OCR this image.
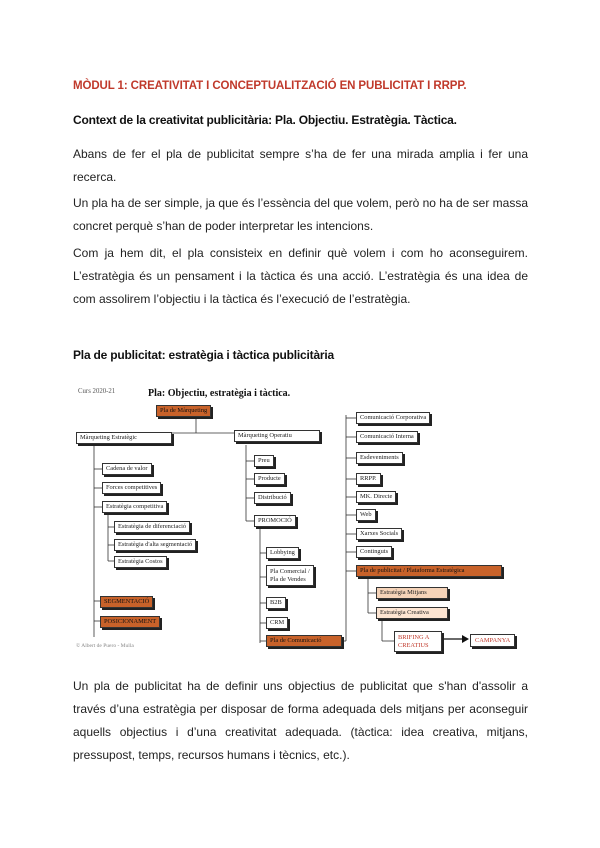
MÒDUL 1: CREATIVITAT I CONCEPTUALITZACIÓ EN PUBLICITAT I RRPP.
Context de la creativitat publicitària: Pla. Objectiu. Estratègia. Tàctica.
Abans de fer el pla de publicitat sempre s’ha de fer una mirada amplia i fer una recerca.
Un pla ha de ser simple, ja que és l’essència del que volem, però no ha de ser massa concret perquè s’han de poder interpretar les intencions.
Com ja hem dit, el pla consisteix en definir què volem i com ho aconseguirem. L’estratègia és un pensament i la tàctica és una acció. L’estratègia és una idea de com assolirem l’objectiu i la tàctica és l’execució de l’estratègia.
Pla de publicitat: estratègia i tàctica publicitària
Curs 2020-21	Pla: Objectiu, estratègia i tàctica.
© Albert de Puero - Mulla
Pla de Màrqueting
Màrqueting Estratègic
Cadena de valor
Forces competitives
Estratègia competitiva
Estratègia de diferenciació
Estratègia d'alta segmentació
Estratègia Costos
SEGMENTACIÓ
POSICIONAMENT
Màrqueting Operatiu
Preu
Producte
Distribució
PROMOCIÓ
Lobbying
Pla Comercial / Pla de Vendes
B2B
CRM
Pla de Comunicació
Comunicació Corporativa
Comunicació Interna
Esdeveniments
RRPP.
MK. Directe
Web
Xarxes Socials
Continguts
Pla de publicitat / Plataforma Estratègica
Estratègia Mitjans
Estratègia Creativa
BRIFING A CREATIUS
CAMPANYA
Un pla de publicitat ha de definir uns objectius de publicitat que s'han d'assolir a través d’una estratègia per disposar de forma adequada dels mitjans per aconseguir aquells objectius i d’una creativitat adequada. (tàctica: idea creativa, mitjans, pressupost, temps, recursos humans i tècnics, etc.).
